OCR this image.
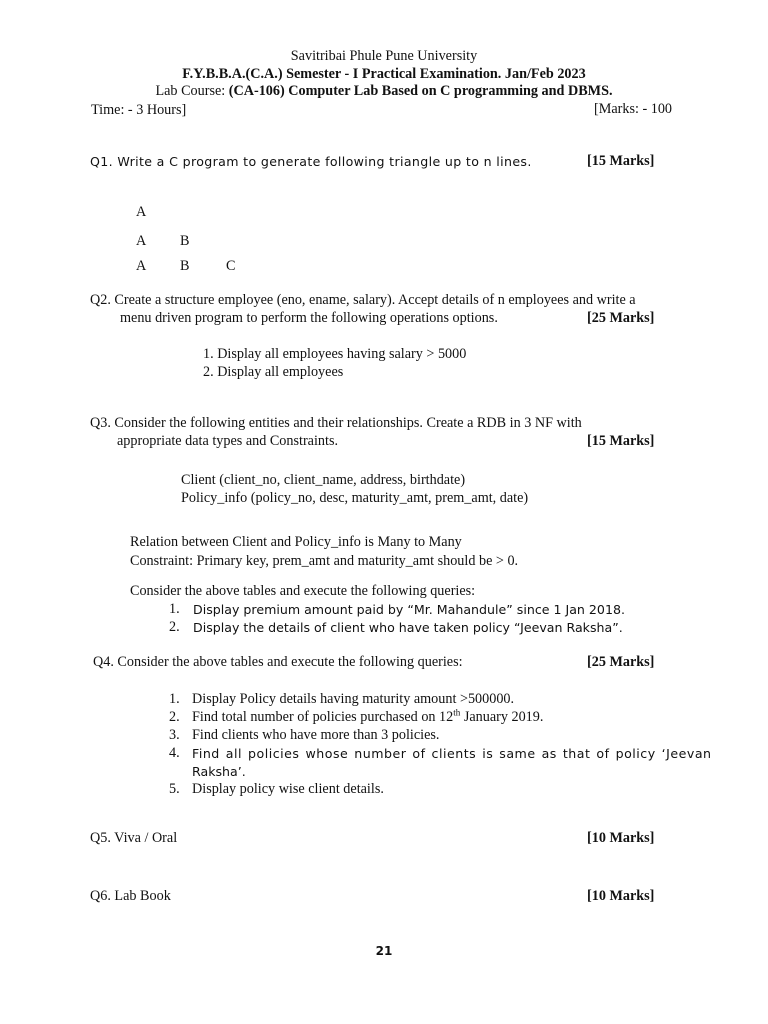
Savitribai Phule Pune University
F.Y.B.B.A.(C.A.) Semester - I Practical Examination. Jan/Feb 2023
Lab Course: (CA-106) Computer Lab Based on C programming and DBMS.
Time: - 3 Hours]	[Marks: - 100
Q1. Write a C program to generate following triangle up to n lines.	[15 Marks]
A
A B
A B	C
Q2. Create a structure employee (eno, ename, salary). Accept details of n employees and write a
menu driven program to perform the following operations options.	[25 Marks]
1. Display all employees having salary > 5000
2. Display all employees
Q3. Consider the following entities and their relationships. Create a RDB in 3 NF with
appropriate data types and Constraints.	[15 Marks]
Client (client_no, client_name, address, birthdate)
Policy_info (policy_no, desc, maturity_amt, prem_amt, date)
Relation between Client and Policy_info is Many to Many
Constraint: Primary key, prem_amt and maturity_amt should be > 0.
Consider the above tables and execute the following queries:
1. Display premium amount paid by “Mr. Mahandule” since 1 Jan 2018.
2. Display the details of client who have taken policy “Jeevan Raksha”.
Q4. Consider the above tables and execute the following queries:	[25 Marks]
1. Display Policy details having maturity amount >500000.
2. Find total number of policies purchased on 12th January 2019.
3. Find clients who have more than 3 policies.
4. Find all policies whose number of clients is same as that of policy ‘Jeevan
Raksha’.
5. Display policy wise client details.
Q5. Viva / Oral	[10 Marks]
Q6. Lab Book	[10 Marks]
21
